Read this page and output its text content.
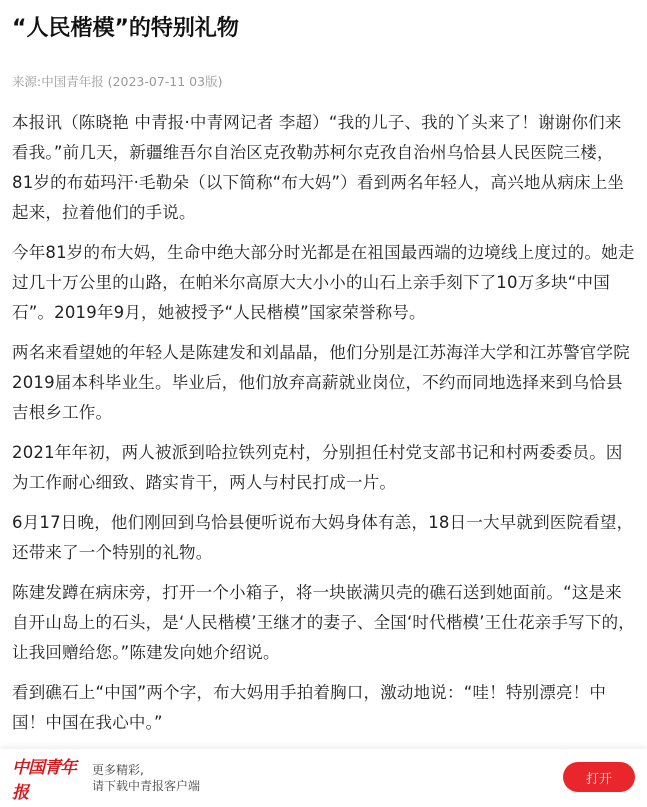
“人民楷模”的特别礼物
来源:中国青年报 (2023-07-11 03版)

本报讯（陈晓艳 中青报·中青网记者 李超）“我的儿子、我的丫头来了！谢谢你们来看我。”前几天，新疆维吾尔自治区克孜勒苏柯尔克孜自治州乌恰县人民医院三楼，81岁的布茹玛汗·毛勒朵（以下简称“布大妈”）看到两名年轻人，高兴地从病床上坐起来，拉着他们的手说。

今年81岁的布大妈，生命中绝大部分时光都是在祖国最西端的边境线上度过的。她走过几十万公里的山路，在帕米尔高原大大小小的山石上亲手刻下了10万多块“中国石”。2019年9月，她被授予“人民楷模”国家荣誉称号。

两名来看望她的年轻人是陈建发和刘晶晶，他们分别是江苏海洋大学和江苏警官学院2019届本科毕业生。毕业后，他们放弃高薪就业岗位，不约而同地选择来到乌恰县吉根乡工作。

2021年年初，两人被派到哈拉铁列克村，分别担任村党支部书记和村两委委员。因为工作耐心细致、踏实肯干，两人与村民打成一片。

6月17日晚，他们刚回到乌恰县便听说布大妈身体有恙，18日一大早就到医院看望，还带来了一个特别的礼物。

陈建发蹲在病床旁，打开一个小箱子，将一块嵌满贝壳的礁石送到她面前。“这是来自开山岛上的石头，是‘人民楷模’王继才的妻子、全国‘时代楷模’王仕花亲手写下的，让我回赠给您。”陈建发向她介绍说。

看到礁石上“中国”两个字，布大妈用手拍着胸口，激动地说：“哇！特别漂亮！中国！中国在我心中。”

中国青年报
更多精彩,
请下载中青报客户端	打开
